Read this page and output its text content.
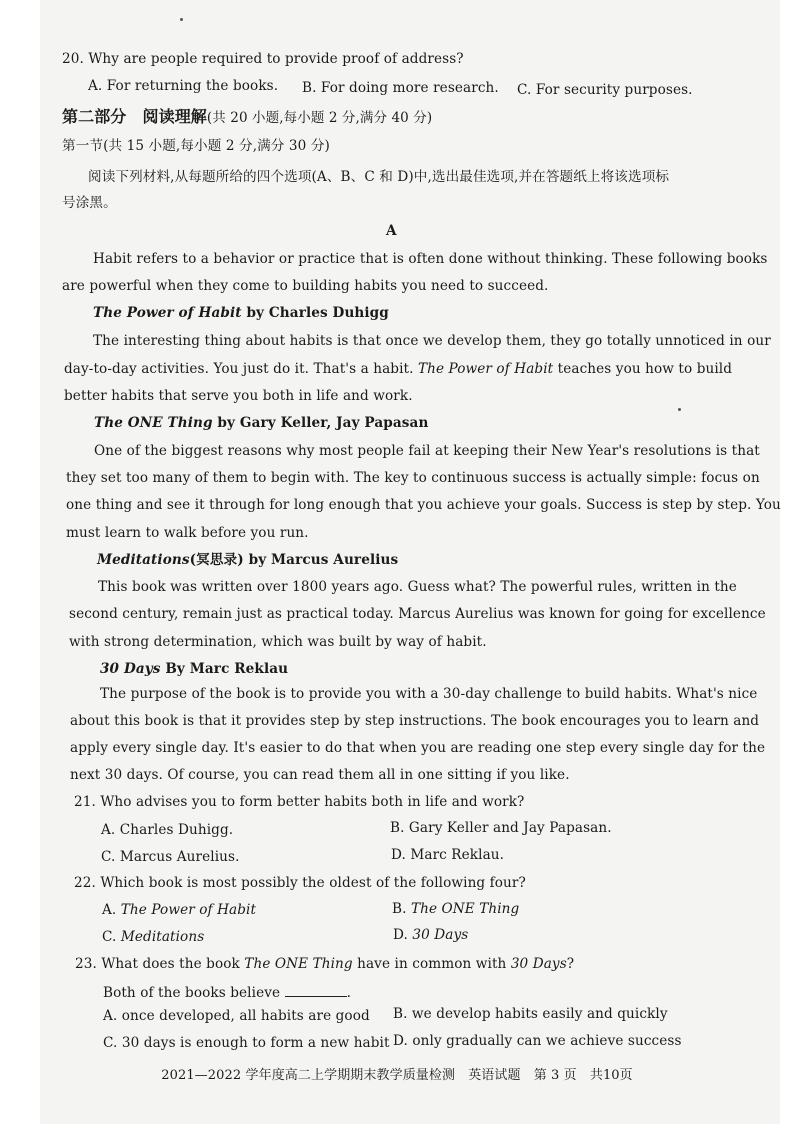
20. Why are people required to provide proof of address?
A. For returning the books. B. For doing more research. C. For security purposes.
第二部分　阅读理解(共 20 小题,每小题 2 分,满分 40 分)
第一节(共 15 小题,每小题 2 分,满分 30 分)
阅读下列材料,从每题所给的四个选项(A、B、C 和 D)中,选出最佳选项,并在答题纸上将该选项标
号涂黑。
A
Habit refers to a behavior or practice that is often done without thinking. These following books
are powerful when they come to building habits you need to succeed.
The Power of Habit by Charles Duhigg
The interesting thing about habits is that once we develop them, they go totally unnoticed in our
day-to-day activities. You just do it. That's a habit. The Power of Habit teaches you how to build
better habits that serve you both in life and work.
The ONE Thing by Gary Keller, Jay Papasan
One of the biggest reasons why most people fail at keeping their New Year's resolutions is that
they set too many of them to begin with. The key to continuous success is actually simple: focus on
one thing and see it through for long enough that you achieve your goals. Success is step by step. You
must learn to walk before you run.
Meditations(冥思录) by Marcus Aurelius
This book was written over 1800 years ago. Guess what? The powerful rules, written in the
second century, remain just as practical today. Marcus Aurelius was known for going for excellence
with strong determination, which was built by way of habit.
30 Days By Marc Reklau
The purpose of the book is to provide you with a 30-day challenge to build habits. What's nice
about this book is that it provides step by step instructions. The book encourages you to learn and
apply every single day. It's easier to do that when you are reading one step every single day for the
next 30 days. Of course, you can read them all in one sitting if you like.
21. Who advises you to form better habits both in life and work?
A. Charles Duhigg.	B. Gary Keller and Jay Papasan.
C. Marcus Aurelius.	D. Marc Reklau.
22. Which book is most possibly the oldest of the following four?
A. The Power of Habit	B. The ONE Thing
C. Meditations	D. 30 Days
23. What does the book The ONE Thing have in common with 30 Days?
Both of the books believe	.
A. once developed, all habits are good B. we develop habits easily and quickly
C. 30 days is enough to form a new habit D. only gradually can we achieve success
2021—2022 学年度高二上学期期末教学质量检测　英语试题　第 3 页　共10页
